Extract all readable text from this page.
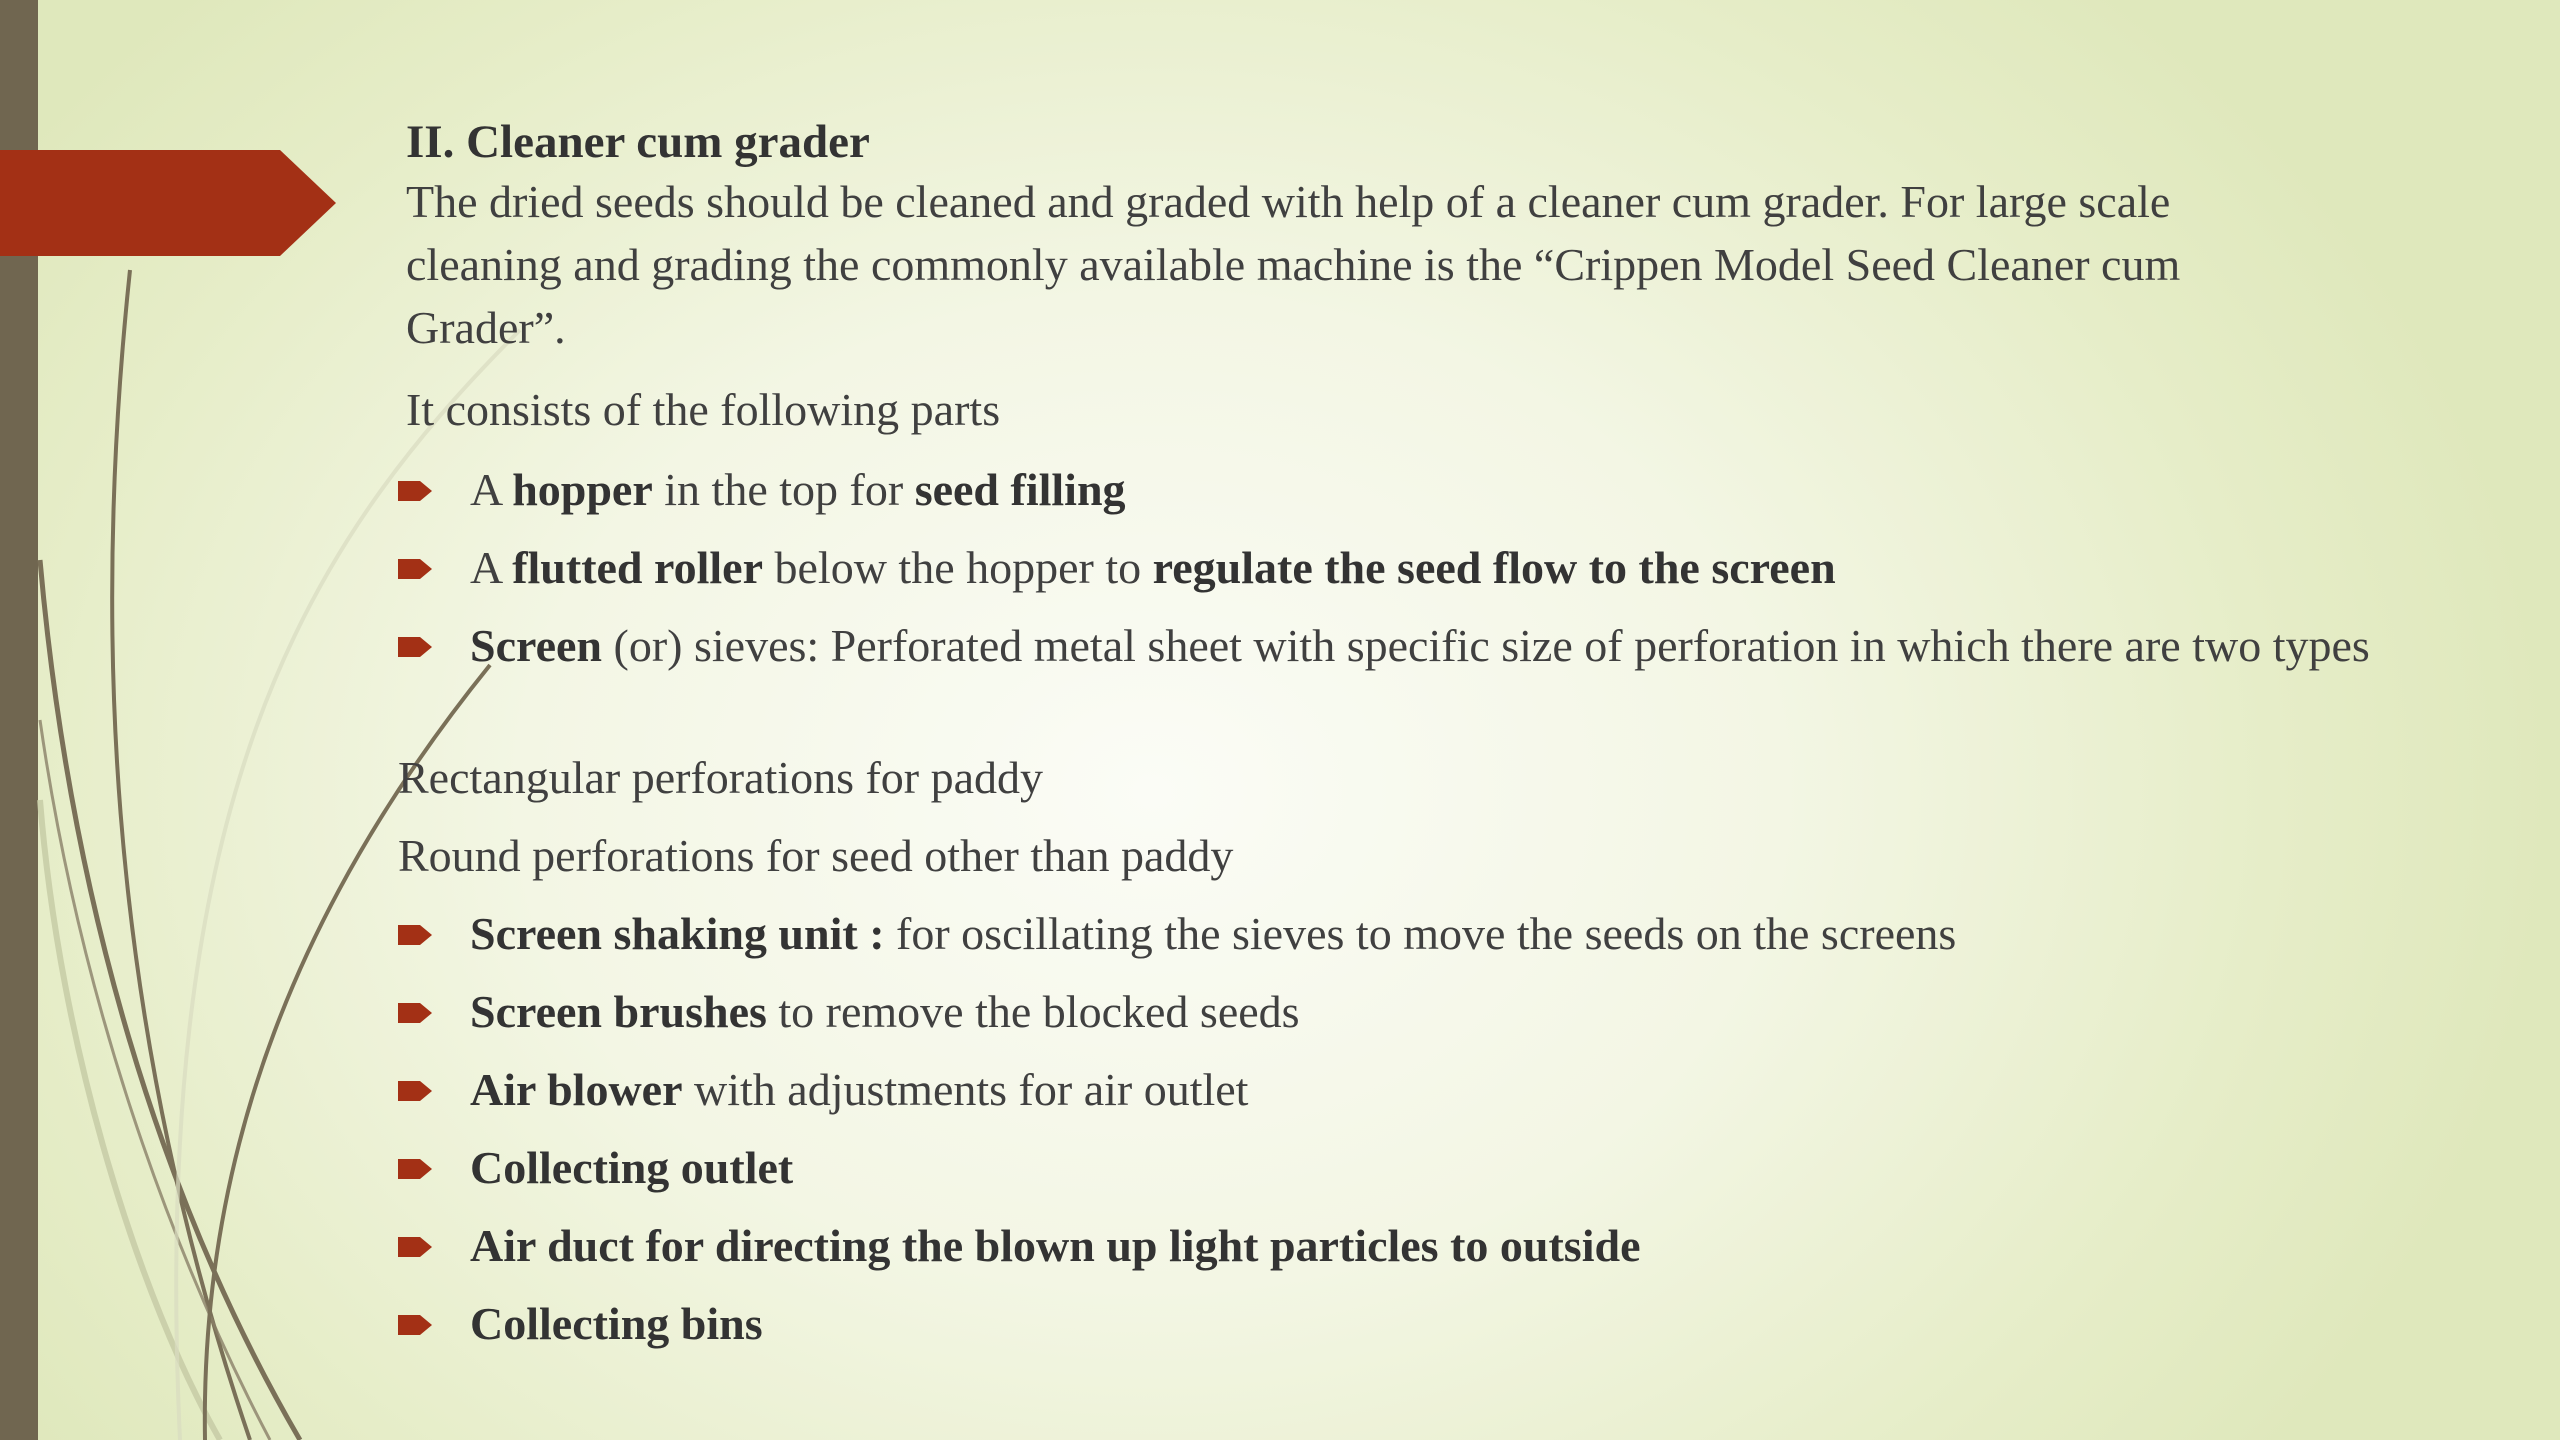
II. Cleaner cum grader
The dried seeds should be cleaned and graded with help of a cleaner cum grader. For large scale cleaning and grading the commonly available machine is the “Crippen Model Seed Cleaner cum Grader”.
It consists of the following parts
A hopper in the top for seed filling
A flutted roller below the hopper to regulate the seed flow to the screen
Screen (or) sieves: Perforated metal sheet with specific size of perforation in which there are two types
Rectangular perforations for paddy
Round perforations for seed other than paddy
Screen shaking unit : for oscillating the sieves to move the seeds on the screens
Screen brushes to remove the blocked seeds
Air blower with adjustments for air outlet
Collecting outlet
Air duct for directing the blown up light particles to outside
Collecting bins
